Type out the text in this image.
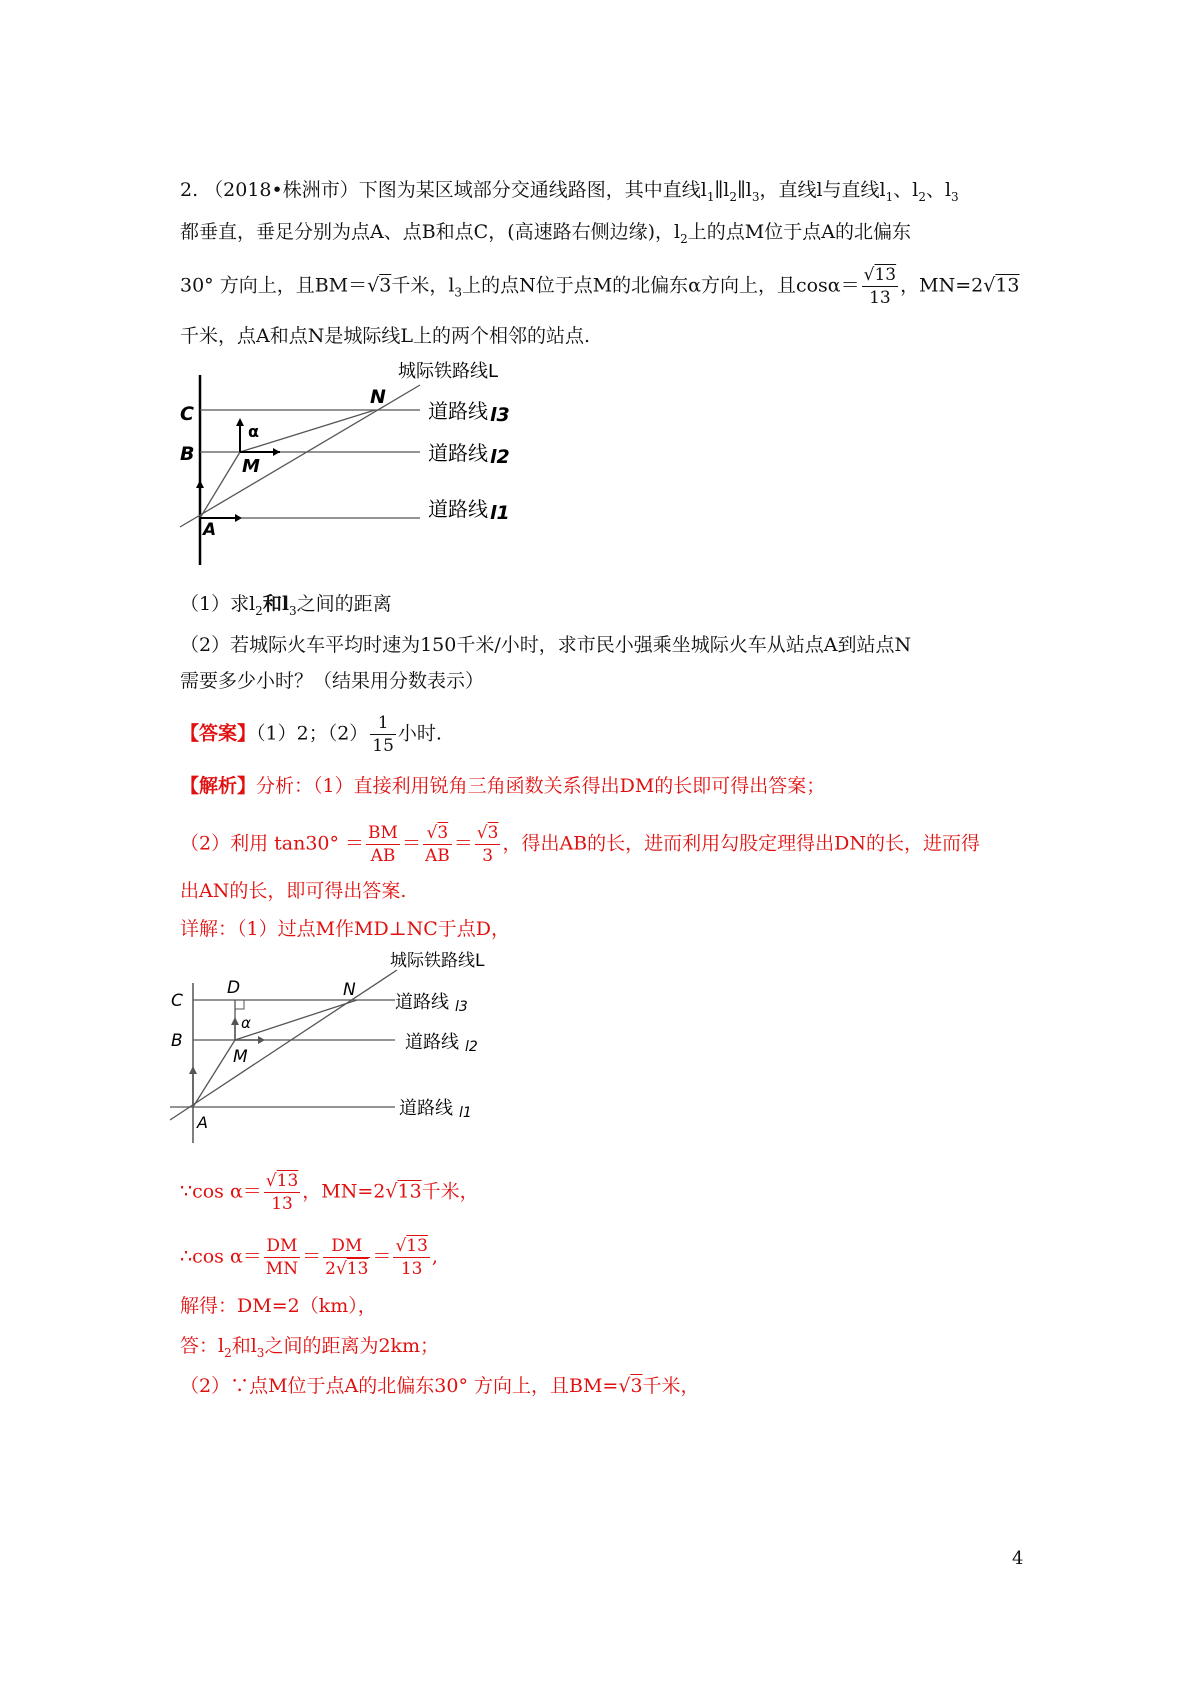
2. （2018•株洲市）下图为某区域部分交通线路图，其中直线$l_1\parallel l_2\parallel l_3$，直线l与直线$l_1$、$l_2$、$l_3$
都垂直，垂足分别为点A、点B和点C，(高速路右侧边缘)，$l_2$上的点M位于点A的北偏东
30° 方向上，且BM＝√3千米，$l_3$上的点N位于点M的北偏东α方向上，且$\cos\alpha= \frac{√13}{13}$ ，MN=2√13
千米，点A和点N是城际线L上的两个相邻的站点.
城际铁路线L
C
B
A
N
M
α
道路线 l3
道路线 l2
道路线 l1
（1）求$l_2$和$l_3$之间的距离
（2）若城际火车平均时速为150千米/小时，求市民小强乘坐城际火车从站点A到站点N
需要多少小时？（结果用分数表示）
【答案】（1）2；$(2) \frac{1}{15}$ 小时.
【解析】分析：（1）直接利用锐角三角函数关系得出DM的长即可得出答案；
（2）利用 $\tan 30^\circ = \frac{BM}{AB} = \frac{√3}{AB} = \frac{√3}{3}$ ，得出AB的长，进而利用勾股定理得出DN的长，进而得
出AN的长，即可得出答案.
详解：（1）过点M作MD⊥NC于点D，
城际铁路线L
C
B
A
D	N
M
α
道路线 l3
道路线 l2
道路线 l1
∵cos $\alpha= \frac{√13}{13}$ ，MN=2√13千米，
∴cos $\alpha= \frac{DM}{MN} = \frac{DM}{2√13} = \frac{√13}{13}$ ,
解得：DM=2（km），
答：$l_2$和$l_3$之间的距离为2km；
（2）∵点M位于点A的北偏东30° 方向上，且BM=√3千米，
4
